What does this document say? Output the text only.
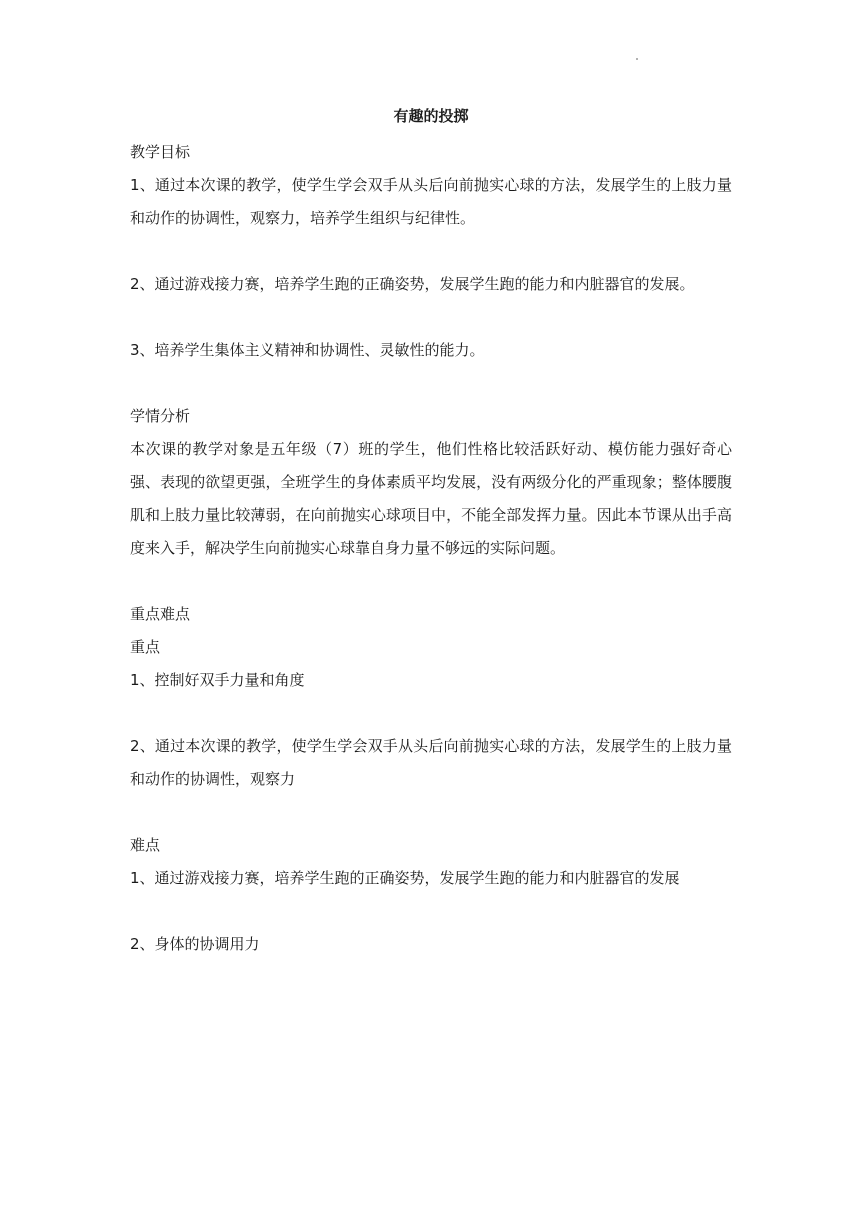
有趣的投掷

教学目标

1、通过本次课的教学，使学生学会双手从头后向前抛实心球的方法，发展学生的上肢力量和动作的协调性，观察力，培养学生组织与纪律性。

2、通过游戏接力赛，培养学生跑的正确姿势，发展学生跑的能力和内脏器官的发展。

3、培养学生集体主义精神和协调性、灵敏性的能力。

学情分析

本次课的教学对象是五年级（7）班的学生，他们性格比较活跃好动、模仿能力强好奇心强、表现的欲望更强，全班学生的身体素质平均发展，没有两级分化的严重现象；整体腰腹肌和上肢力量比较薄弱，在向前抛实心球项目中，不能全部发挥力量。因此本节课从出手高度来入手，解决学生向前抛实心球靠自身力量不够远的实际问题。

重点难点

重点

1、控制好双手力量和角度

2、通过本次课的教学，使学生学会双手从头后向前抛实心球的方法，发展学生的上肢力量和动作的协调性，观察力

难点

1、通过游戏接力赛，培养学生跑的正确姿势，发展学生跑的能力和内脏器官的发展

2、身体的协调用力
